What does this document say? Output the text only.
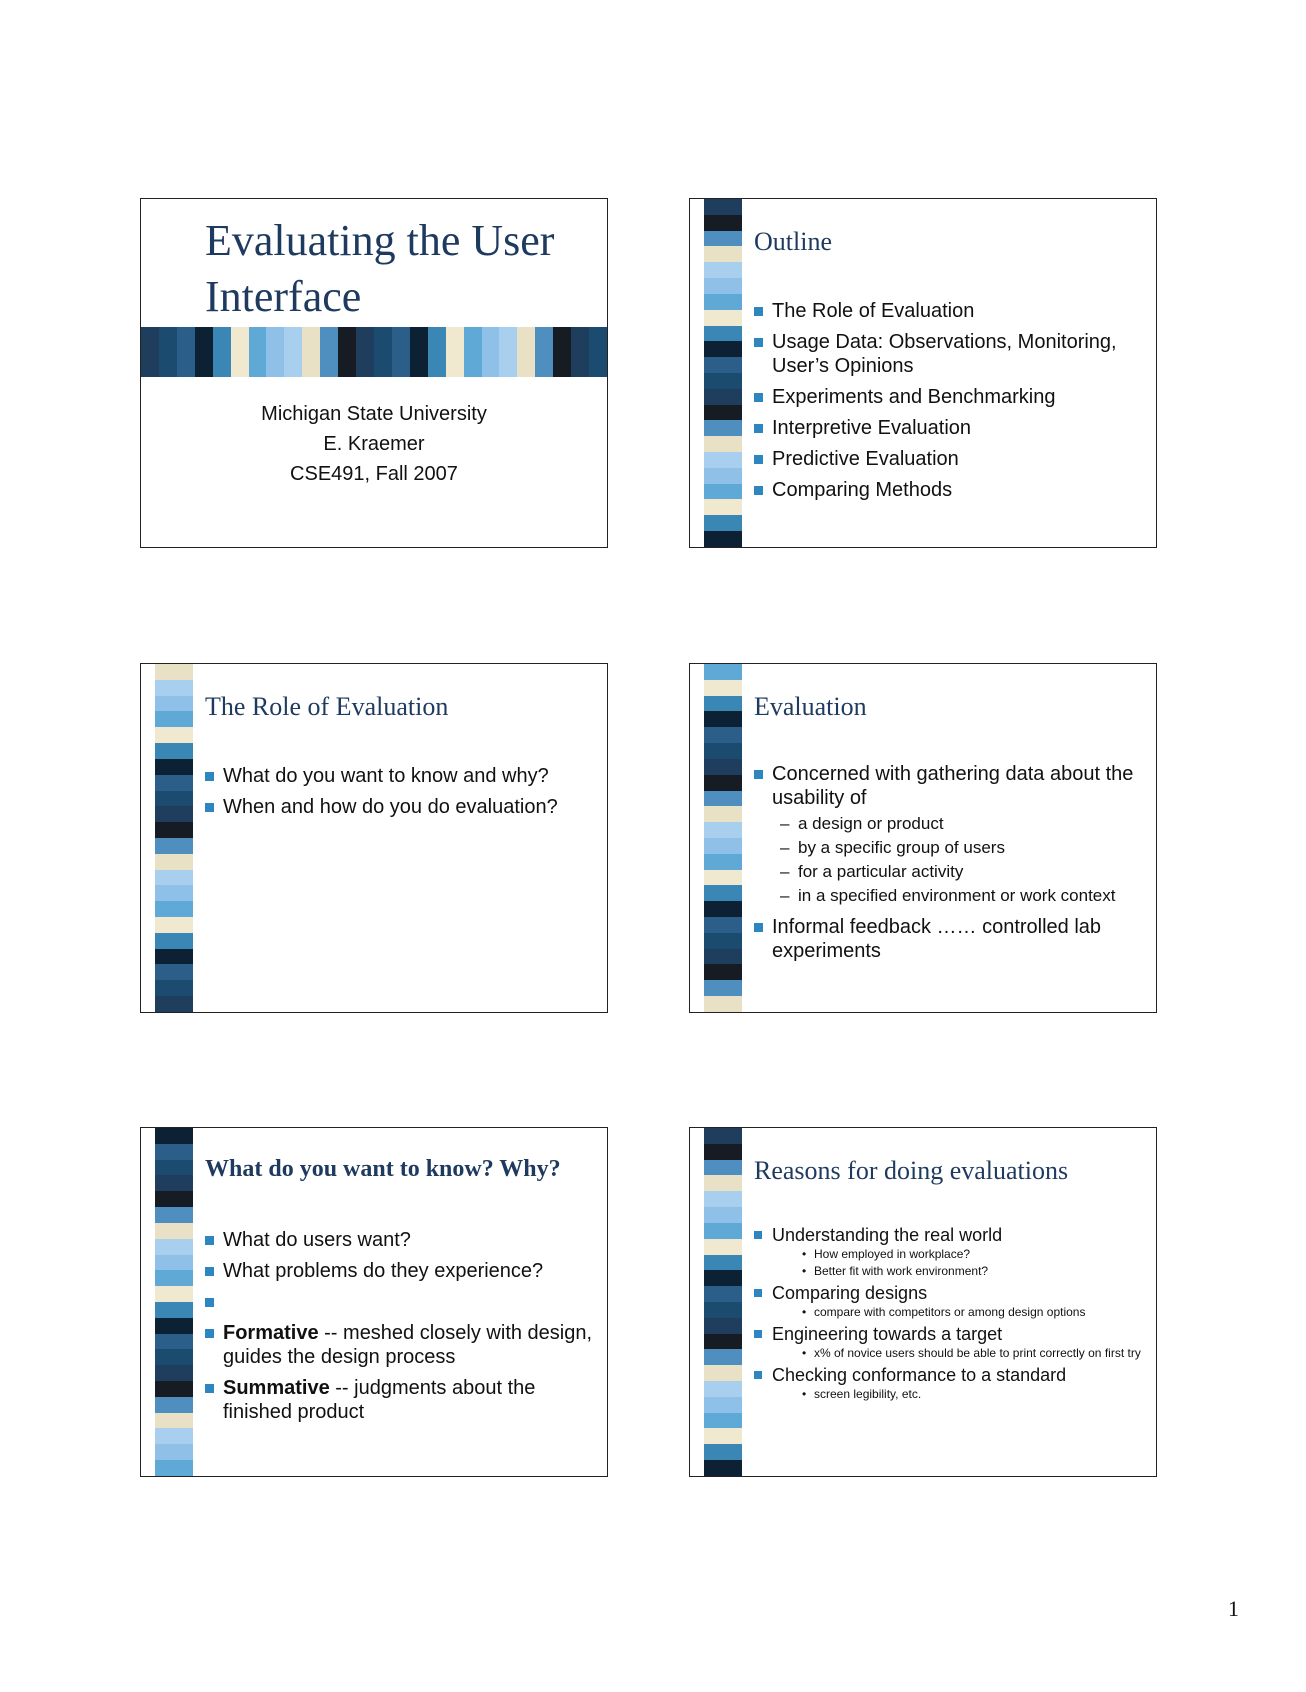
Evaluating the User
Interface
Michigan State University
E. Kraemer
CSE491, Fall 2007
Outline
The Role of Evaluation
Usage Data: Observations, Monitoring, User’s Opinions
Experiments and Benchmarking
Interpretive Evaluation
Predictive Evaluation
Comparing Methods
The Role of Evaluation
What do you want to know and why?
When and how do you do evaluation?
Evaluation
Concerned with gathering data about the usability of
– a design or product
– by a specific group of users
– for a particular activity
– in a specified environment or work context
Informal feedback …… controlled lab experiments
What do you want to know? Why?
What do users want?
What problems do they experience?
Formative -- meshed closely with design, guides the design process
Summative -- judgments about the finished product
Reasons for doing evaluations
Understanding the real world
• How employed in workplace?
• Better fit with work environment?
Comparing designs
• compare with competitors or among design options
Engineering towards a target
• x% of novice users should be able to print correctly on first try
Checking conformance to a standard
• screen legibility, etc.
1
